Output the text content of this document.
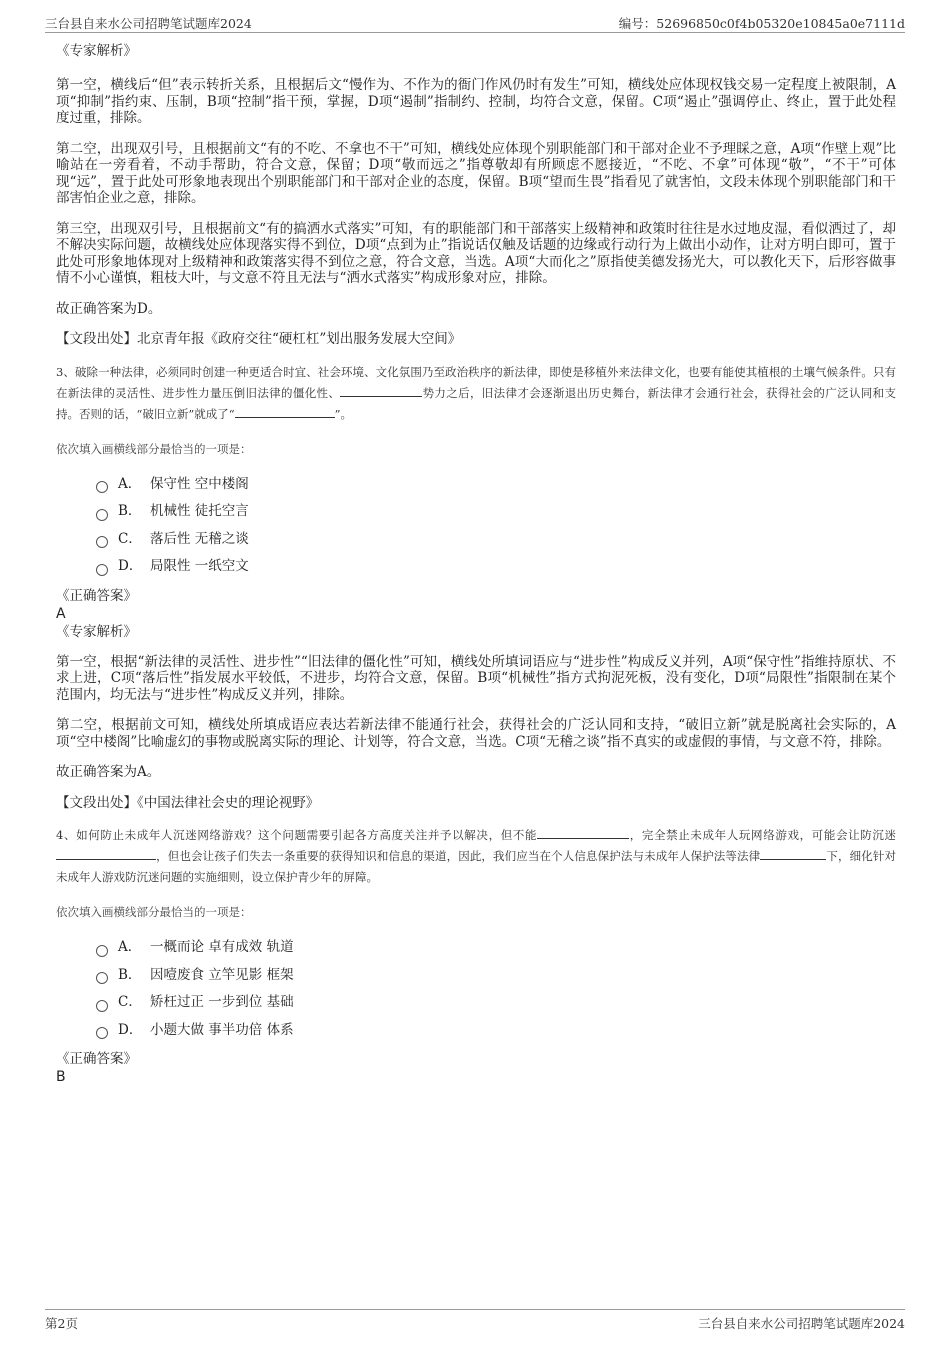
三台县自来水公司招聘笔试题库2024	编号：52696850c0f4b05320e10845a0e7111d

《专家解析》

第一空，横线后“但”表示转折关系，且根据后文“慢作为、不作为的衙门作风仍时有发生”可知，横线处应体现权钱交易一定程度上被限制，A项“抑制”指约束、压制，B项“控制”指干预，掌握，D项“遏制”指制约、控制，均符合文意，保留。C项“遏止”强调停止、终止，置于此处程度过重，排除。

第二空，出现双引号，且根据前文“有的不吃、不拿也不干”可知，横线处应体现个别职能部门和干部对企业不予理睬之意，A项“作壁上观”比喻站在一旁看着，不动手帮助，符合文意，保留；D项“敬而远之”指尊敬却有所顾虑不愿接近，“不吃、不拿”可体现“敬”，“不干”可体现“远”，置于此处可形象地表现出个别职能部门和干部对企业的态度，保留。B项“望而生畏”指看见了就害怕，文段未体现个别职能部门和干部害怕企业之意，排除。

第三空，出现双引号，且根据前文“有的搞洒水式落实”可知，有的职能部门和干部落实上级精神和政策时往往是水过地皮湿，看似洒过了，却不解决实际问题，故横线处应体现落实得不到位，D项“点到为止”指说话仅触及话题的边缘或行动行为上做出小动作，让对方明白即可，置于此处可形象地体现对上级精神和政策落实得不到位之意，符合文意，当选。A项“大而化之”原指使美德发扬光大，可以教化天下，后形容做事情不小心谨慎，粗枝大叶，与文意不符且无法与“洒水式落实”构成形象对应，排除。

故正确答案为D。

【文段出处】北京青年报《政府交往“硬杠杠”划出服务发展大空间》

3、破除一种法律，必须同时创建一种更适合时宜、社会环境、文化氛围乃至政治秩序的新法律，即使是移植外来法律文化，也要有能使其植根的土壤气候条件。只有在新法律的灵活性、进步性力量压倒旧法律的僵化性、	势力之后，旧法律才会逐渐退出历史舞台，新法律才会通行社会，获得社会的广泛认同和支持。否则的话，“破旧立新”就成了“	”。

依次填入画横线部分最恰当的一项是：

A． 保守性 空中楼阁
B． 机械性 徒托空言
C． 落后性 无稽之谈
D． 局限性 一纸空文

《正确答案》

A

《专家解析》

第一空，根据“新法律的灵活性、进步性”“旧法律的僵化性”可知，横线处所填词语应与“进步性”构成反义并列，A项“保守性”指维持原状、不求上进，C项“落后性”指发展水平较低，不进步，均符合文意，保留。B项“机械性”指方式拘泥死板，没有变化，D项“局限性”指限制在某个范围内，均无法与“进步性”构成反义并列，排除。

第二空，根据前文可知，横线处所填成语应表达若新法律不能通行社会，获得社会的广泛认同和支持，“破旧立新”就是脱离社会实际的，A项“空中楼阁”比喻虚幻的事物或脱离实际的理论、计划等，符合文意，当选。C项“无稽之谈”指不真实的或虚假的事情，与文意不符，排除。

故正确答案为A。

【文段出处】《中国法律社会史的理论视野》

4、如何防止未成年人沉迷网络游戏？这个问题需要引起各方高度关注并予以解决，但不能	，完全禁止未成年人玩网络游戏，可能会让防沉迷，但也会让孩子们失去一条重要的获得知识和信息的渠道，因此，我们应当在个人信息保护法与未成年人保护法等法律	下，细化针对未成年人游戏防沉迷问题的实施细则，设立保护青少年的屏障。

依次填入画横线部分最恰当的一项是：

A． 一概而论 卓有成效 轨道
B． 因噎废食 立竿见影 框架
C． 矫枉过正 一步到位 基础
D． 小题大做 事半功倍 体系

《正确答案》

B

第2页	三台县自来水公司招聘笔试题库2024
